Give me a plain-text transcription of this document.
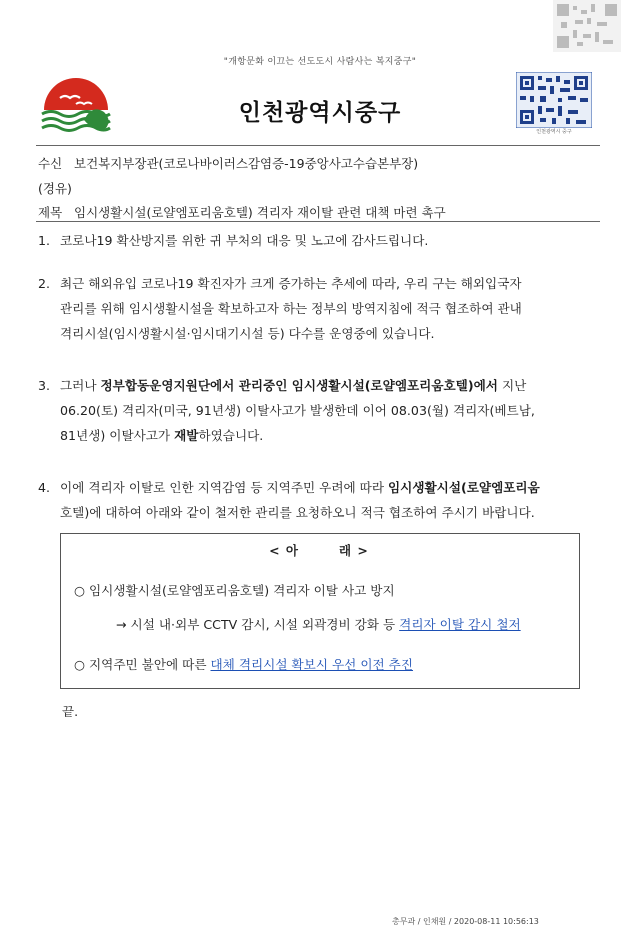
"개항문화 이끄는 선도도시 사람사는 복지중구"
인천광역시중구
인천광역시 중구
수신 보건복지부장관(코로나바이러스감염증-19중앙사고수습본부장)
(경유)
제목 임시생활시설(로얄엠포리움호텔) 격리자 재이탈 관련 대책 마련 촉구
1. 코로나19 확산방지를 위한 귀 부처의 대응 및 노고에 감사드립니다.
2. 최근 해외유입 코로나19 확진자가 크게 증가하는 추세에 따라, 우리 구는 해외입국자
관리를 위해 임시생활시설을 확보하고자 하는 정부의 방역지침에 적극 협조하여 관내
격리시설(임시생활시설·임시대기시설 등) 다수를 운영중에 있습니다.
3. 그러나 정부합동운영지원단에서 관리중인 임시생활시설(로얄엠포리움호텔)에서 지난
06.20(토) 격리자(미국, 91년생) 이탈사고가 발생한데 이어 08.03(월) 격리자(베트남,
81년생) 이탈사고가 재발하였습니다.
4. 이에 격리자 이탈로 인한 지역감염 등 지역주민 우려에 따라 임시생활시설(로얄엠포리움
호텔)에 대하여 아래와 같이 철저한 관리를 요청하오니 적극 협조하여 주시기 바랍니다.
< 아	래 >
○ 임시생활시설(로얄엠포리움호텔) 격리자 이탈 사고 방지
→ 시설 내·외부 CCTV 감시, 시설 외곽경비 강화 등 격리자 이탈 감시 철저
○ 지역주민 불안에 따른 대체 격리시설 확보시 우선 이전 추진
끝.
총무과 / 인채원 / 2020-08-11 10:56:13
